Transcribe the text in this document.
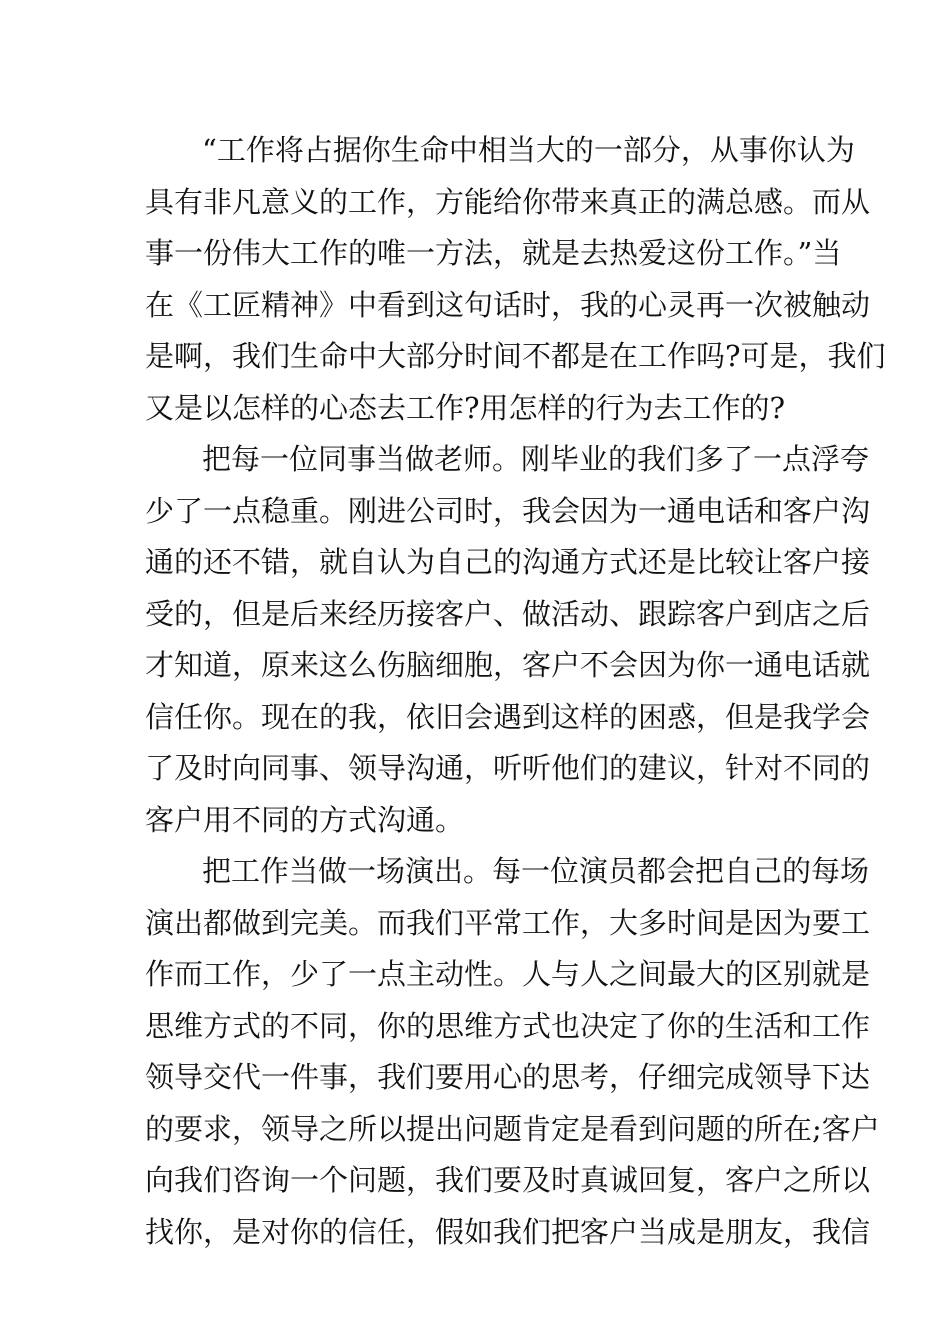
“工作将占据你生命中相当大的一部分，从事你认为
具有非凡意义的工作，方能给你带来真正的满总感。而从
事一份伟大工作的唯一方法，就是去热爱这份工作。”当
在《工匠精神》中看到这句话时，我的心灵再一次被触动
是啊，我们生命中大部分时间不都是在工作吗?可是，我们
又是以怎样的心态去工作?用怎样的行为去工作的?
把每一位同事当做老师。刚毕业的我们多了一点浮夸
少了一点稳重。刚进公司时，我会因为一通电话和客户沟
通的还不错，就自认为自己的沟通方式还是比较让客户接
受的，但是后来经历接客户、做活动、跟踪客户到店之后
才知道，原来这么伤脑细胞，客户不会因为你一通电话就
信任你。现在的我，依旧会遇到这样的困惑，但是我学会
了及时向同事、领导沟通，听听他们的建议，针对不同的
客户用不同的方式沟通。
把工作当做一场演出。每一位演员都会把自己的每场
演出都做到完美。而我们平常工作，大多时间是因为要工
作而工作，少了一点主动性。人与人之间最大的区别就是
思维方式的不同，你的思维方式也决定了你的生活和工作
领导交代一件事，我们要用心的思考，仔细完成领导下达
的要求，领导之所以提出问题肯定是看到问题的所在;客户
向我们咨询一个问题，我们要及时真诚回复，客户之所以
找你，是对你的信任，假如我们把客户当成是朋友，我信
